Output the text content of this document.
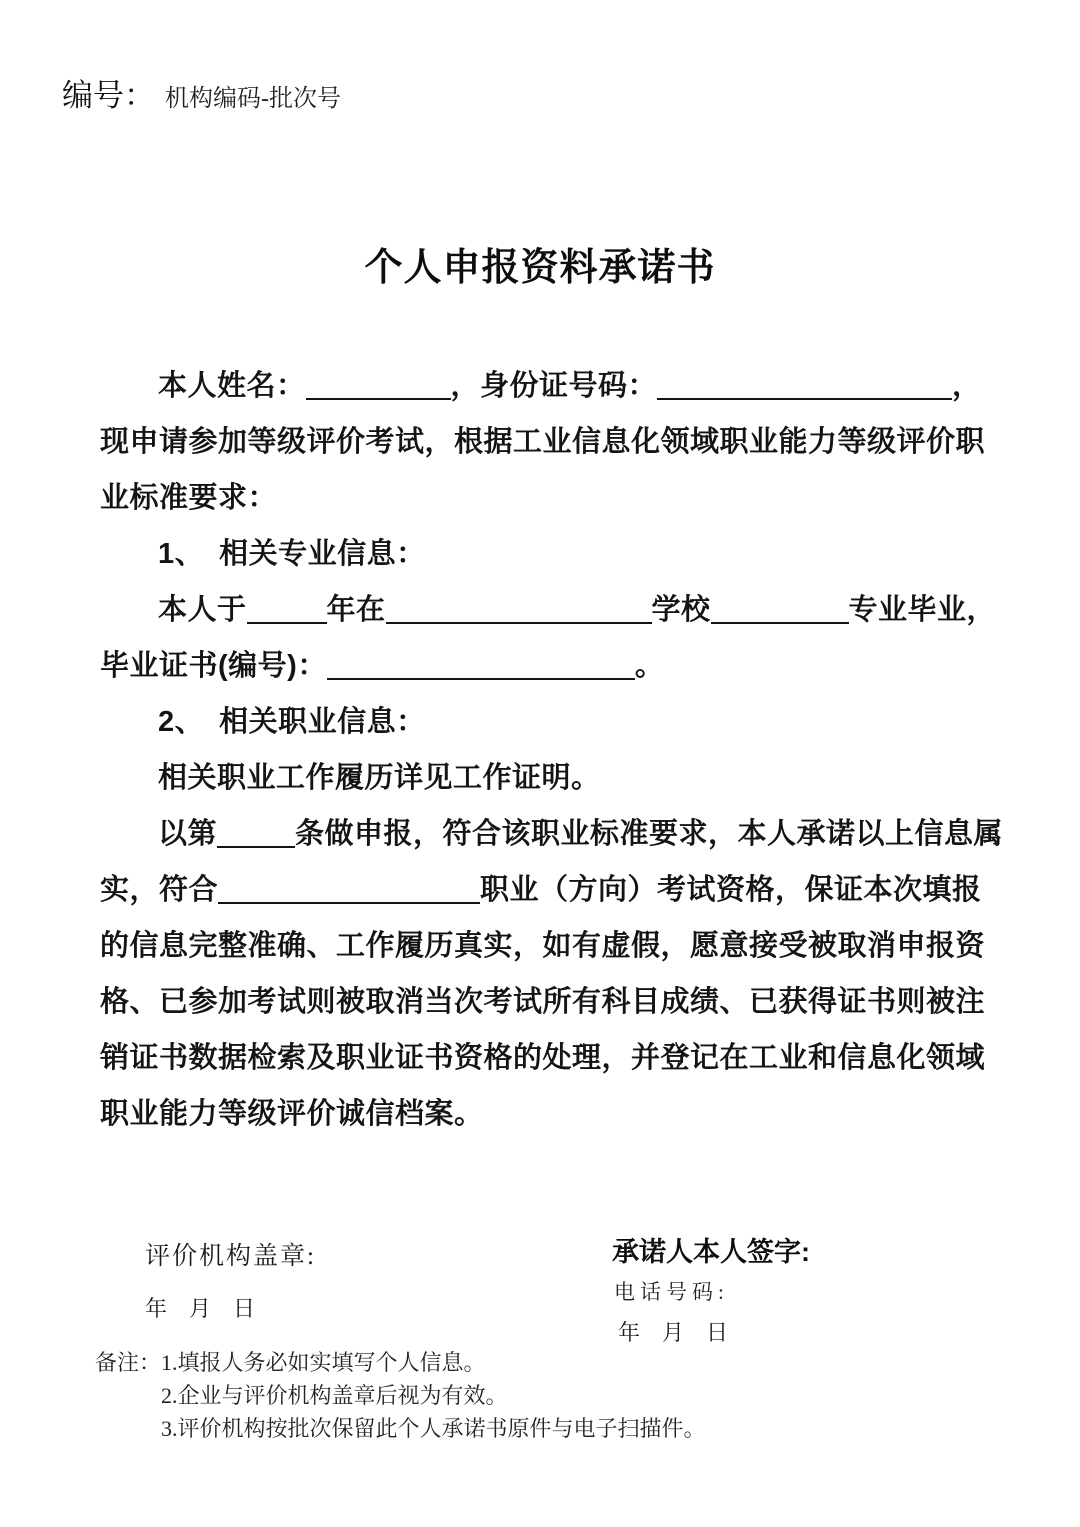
编号： 机构编码-批次号
个人申报资料承诺书
本人姓名：	，身份证号码：	，
现申请参加等级评价考试，根据工业信息化领域职业能力等级评价职
业标准要求：
1、　相关专业信息：
本人于	年在	学校	专业毕业，
毕业证书(编号)：	。
2、　相关职业信息：
相关职业工作履历详见工作证明。
以第	条做申报，符合该职业标准要求，本人承诺以上信息属
实，符合	职业（方向）考试资格，保证本次填报
的信息完整准确、工作履历真实，如有虚假，愿意接受被取消申报资
格、已参加考试则被取消当次考试所有科目成绩、已获得证书则被注
销证书数据检索及职业证书资格的处理，并登记在工业和信息化领域
职业能力等级评价诚信档案。
评价机构盖章:
年　月　日
承诺人本人签字:
电话号码:
年　月　日
备注： 1.填报人务必如实填写个人信息。
2.企业与评价机构盖章后视为有效。
3.评价机构按批次保留此个人承诺书原件与电子扫描件。
